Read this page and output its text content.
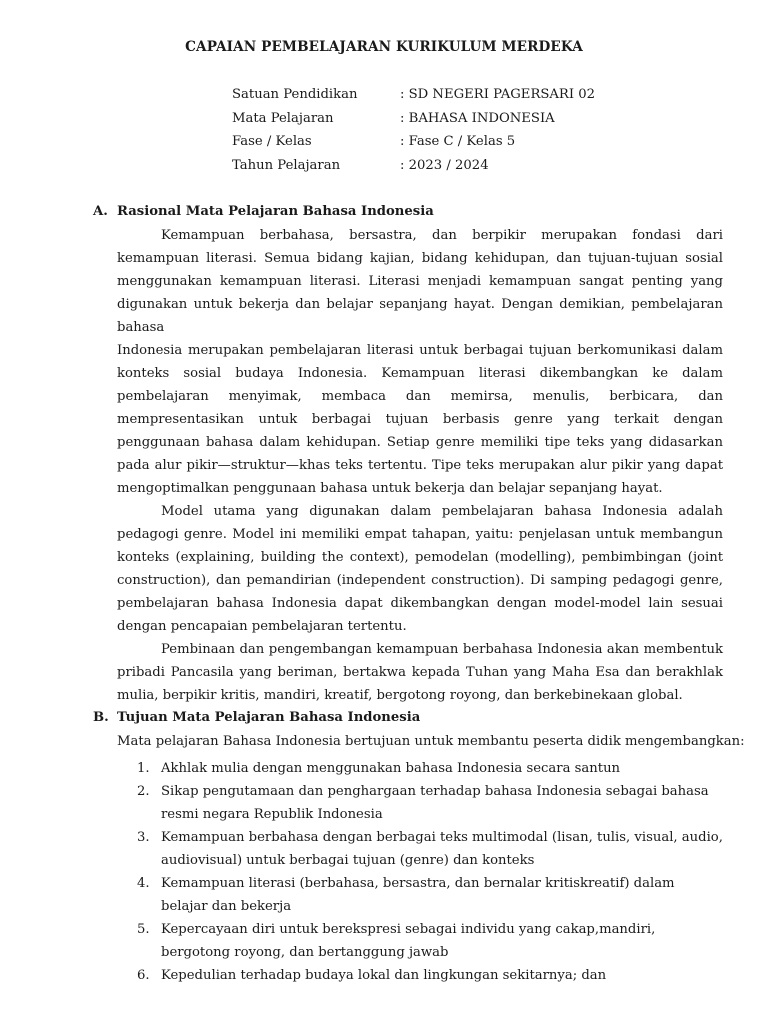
CAPAIAN PEMBELAJARAN KURIKULUM MERDEKA
Satuan Pendidikan	: SD NEGERI PAGERSARI 02
Mata Pelajaran	: BAHASA INDONESIA
Fase / Kelas	: Fase C / Kelas 5
Tahun Pelajaran	: 2023 / 2024
A. Rasional Mata Pelajaran Bahasa Indonesia

Kemampuan berbahasa, bersastra, dan berpikir merupakan fondasi dari kemampuan literasi. Semua bidang kajian, bidang kehidupan, dan tujuan-tujuan sosial menggunakan kemampuan literasi. Literasi menjadi kemampuan sangat penting yang digunakan untuk bekerja dan belajar sepanjang hayat. Dengan demikian, pembelajaran bahasa

Indonesia merupakan pembelajaran literasi untuk berbagai tujuan berkomunikasi dalam konteks sosial budaya Indonesia. Kemampuan literasi dikembangkan ke dalam pembelajaran menyimak, membaca dan memirsa, menulis, berbicara, dan mempresentasikan untuk berbagai tujuan berbasis genre yang terkait dengan penggunaan bahasa dalam kehidupan. Setiap genre memiliki tipe teks yang didasarkan pada alur pikir—struktur—khas teks tertentu. Tipe teks merupakan alur pikir yang dapat mengoptimalkan penggunaan bahasa untuk bekerja dan belajar sepanjang hayat.

Model utama yang digunakan dalam pembelajaran bahasa Indonesia adalah pedagogi genre. Model ini memiliki empat tahapan, yaitu: penjelasan untuk membangun konteks (explaining, building the context), pemodelan (modelling), pembimbingan (joint construction), dan pemandirian (independent construction). Di samping pedagogi genre, pembelajaran bahasa Indonesia dapat dikembangkan dengan model-model lain sesuai dengan pencapaian pembelajaran tertentu.

Pembinaan dan pengembangan kemampuan berbahasa Indonesia akan membentuk pribadi Pancasila yang beriman, bertakwa kepada Tuhan yang Maha Esa dan berakhlak mulia, berpikir kritis, mandiri, kreatif, bergotong royong, dan berkebinekaan global.

B. Tujuan Mata Pelajaran Bahasa Indonesia
Mata pelajaran Bahasa Indonesia bertujuan untuk membantu peserta didik mengembangkan:
1. Akhlak mulia dengan menggunakan bahasa Indonesia secara santun
2. Sikap pengutamaan dan penghargaan terhadap bahasa Indonesia sebagai bahasa resmi negara Republik Indonesia
3. Kemampuan berbahasa dengan berbagai teks multimodal (lisan, tulis, visual, audio, audiovisual) untuk berbagai tujuan (genre) dan konteks
4. Kemampuan literasi (berbahasa, bersastra, dan bernalar kritiskreatif) dalam belajar dan bekerja
5. Kepercayaan diri untuk berekspresi sebagai individu yang cakap,mandiri, bergotong royong, dan bertanggung jawab
6. Kepedulian terhadap budaya lokal dan lingkungan sekitarnya; dan
